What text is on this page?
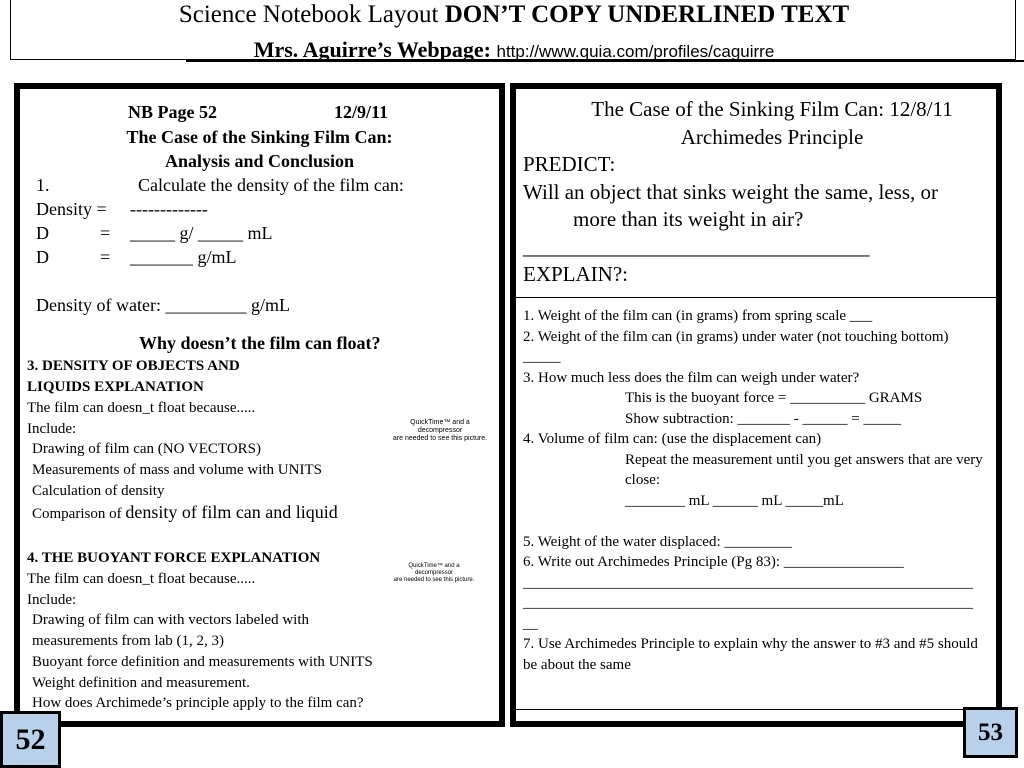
Science Notebook Layout DON’T COPY UNDERLINED TEXT
Mrs. Aguirre’s Webpage: http://www.quia.com/profiles/caguirre
NB Page 52	12/9/11
The Case of the Sinking Film Can:
Analysis and Conclusion
1.	Calculate the density of the film can:
Density = -------------
D	= _____ g/ _____ mL
D	= _______ g/mL
Density of water: _________ g/mL
Why doesn’t the film can float?
3. DENSITY OF OBJECTS AND
LIQUIDS EXPLANATION
The film can doesn_t float because.....
Include:
Drawing of film can (NO VECTORS)
Measurements of mass and volume with UNITS
Calculation of density
Comparison of density of film can and liquid
4. THE BUOYANT FORCE EXPLANATION
The film can doesn_t float because.....
Include:
Drawing of film can with vectors labeled with
measurements from lab (1, 2, 3)
Buoyant force definition and measurements with UNITS
Weight definition and measurement.
How does Archimede’s principle apply to the film can?
QuickTime™ and a
decompressor
are needed to see this picture.
QuickTime™ and a
decompressor
are needed to see this picture.
The Case of the Sinking Film Can: 12/8/11
Archimedes Principle
PREDICT:
Will an object that sinks weight the same, less, or
more than its weight in air?
_________________________________
EXPLAIN?:
1. Weight of the film can (in grams) from spring scale ___
2. Weight of the film can (in grams) under water (not touching bottom)
_____
3. How much less does the film can weigh under water?
This is the buoyant force = __________ GRAMS
Show subtraction: _______ - ______ = _____
4. Volume of film can: (use the displacement can)
Repeat the measurement until you get answers that are very
close:
________ mL ______ mL _____mL
5. Weight of the water displaced: _________
6. Write out Archimedes Principle (Pg 83): ________________
____________________________________________________________
____________________________________________________________
__
7. Use Archimedes Principle to explain why the answer to #3 and #5 should
be about the same
52	53
